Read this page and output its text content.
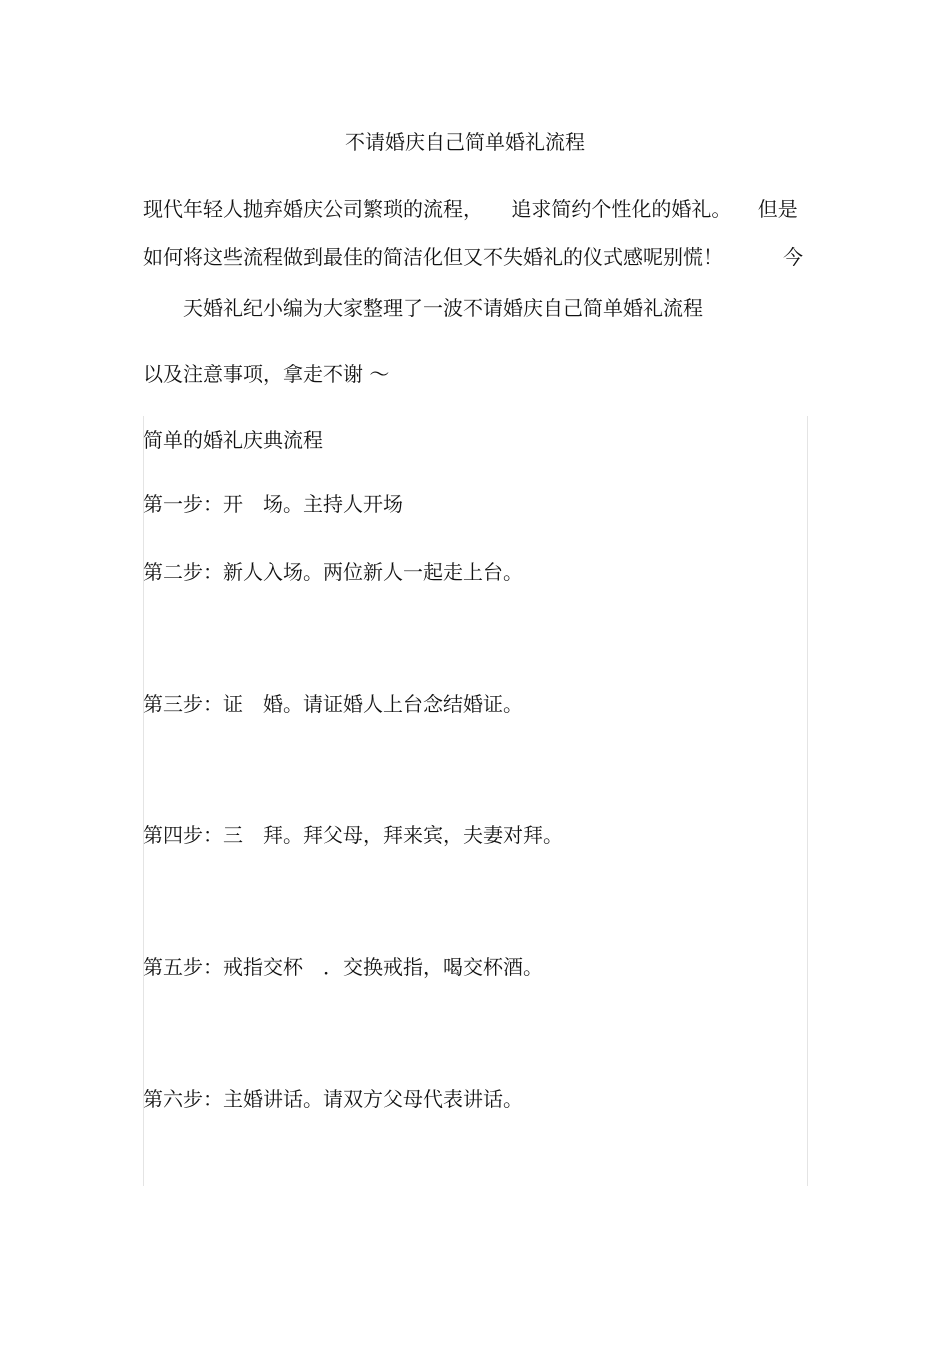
不请婚庆自己简单婚礼流程
现代年轻人抛弃婚庆公司繁琐的流程， 追求简约个性化的婚礼。 但是
如何将这些流程做到最佳的简洁化但又不失婚礼的仪式感呢别慌！	今
天婚礼纪小编为大家整理了一波不请婚庆自己简单婚礼流程
以及注意事项，拿走不谢 ～
简单的婚礼庆典流程
第一步：开　场。主持人开场
第二步：新人入场。两位新人一起走上台。
第三步：证　婚。请证婚人上台念结婚证。
第四步：三　拜。拜父母，拜来宾，夫妻对拜。
第五步：戒指交杯　．交换戒指，喝交杯酒。
第六步：主婚讲话。请双方父母代表讲话。
